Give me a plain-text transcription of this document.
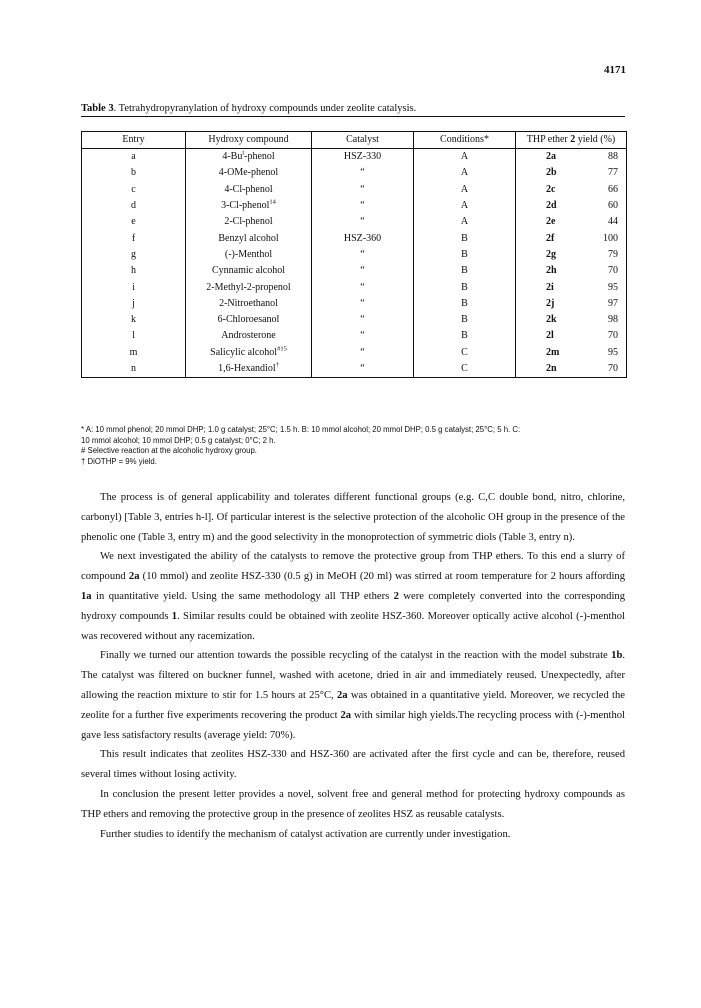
4171
Table 3. Tetrahydropyranylation of hydroxy compounds under zeolite catalysis.
Entry	Hydroxy compound	Catalyst	Conditions*	THP ether 2 yield (%)
a	4-Bu$^t$-phenol	HSZ-330	A	2a 88

b	4-OMe-phenol	“	A	2b 77

c	4-Cl-phenol	“	A	2c 66

d	3-Cl-phenol$^{14}$	“	A	2d 60

e	2-Cl-phenol	“	A	2e 44

f	Benzyl alcohol	HSZ-360	B	2f 100

g	(-)-Menthol	“	B	2g 79

h	Cynnamic alcohol	“	B	2h 70

i	2-Methyl-2-propenol	“	B	2i 95

j	2-Nitroethanol	“	B	2j 97

k	6-Chloroesanol	“	B	2k 98

l	Androsterone	“	B	2l 70

m	Salicylic alcohol$^{\#15}$	“	C	2m 95

n	1,6-Hexandiol†	“	C	2n 70
* A: 10 mmol phenol; 20 mmol DHP; 1.0 g catalyst; 25°C; 1.5 h. B: 10 mmol alcohol; 20 mmol DHP; 0.5 g catalyst; 25°C; 5 h. C:
10 mmol alcohol; 10 mmol DHP; 0.5 g catalyst; 0°C; 2 h.
# Selective reaction at the alcoholic hydroxy group.
† DiOTHP = 9% yield.

The process is of general applicability and tolerates different functional groups (e.g. C,C double bond, nitro, chlorine, carbonyl) [Table 3, entries h-l]. Of particular interest is the selective protection of the alcoholic OH group in the presence of the phenolic one (Table 3, entry m) and the good selectivity in the monoprotection of symmetric diols (Table 3, entry n).

We next investigated the ability of the catalysts to remove the protective group from THP ethers. To this end a slurry of compound 2a (10 mmol) and zeolite HSZ-330 (0.5 g) in MeOH (20 ml) was stirred at room temperature for 2 hours affording 1a in quantitative yield. Using the same methodology all THP ethers 2 were completely converted into the corresponding hydroxy compounds 1. Similar results could be obtained with zeolite HSZ-360. Moreover optically active alcohol (-)-menthol was recovered without any racemization.

Finally we turned our attention towards the possible recycling of the catalyst in the reaction with the model substrate 1b. The catalyst was filtered on buckner funnel, washed with acetone, dried in air and immediately reused. Unexpectedly, after allowing the reaction mixture to stir for 1.5 hours at 25°C, 2a was obtained in a quantitative yield. Moreover, we recycled the zeolite for a further five experiments recovering the product 2a with similar high yields.The recycling process with (-)-menthol gave less satisfactory results (average yield: 70%).

This result indicates that zeolites HSZ-330 and HSZ-360 are activated after the first cycle and can be, therefore, reused several times without losing activity.

In conclusion the present letter provides a novel, solvent free and general method for protecting hydroxy compounds as THP ethers and removing the protective group in the presence of zeolites HSZ as reusable catalysts.

Further studies to identify the mechanism of catalyst activation are currently under investigation.
